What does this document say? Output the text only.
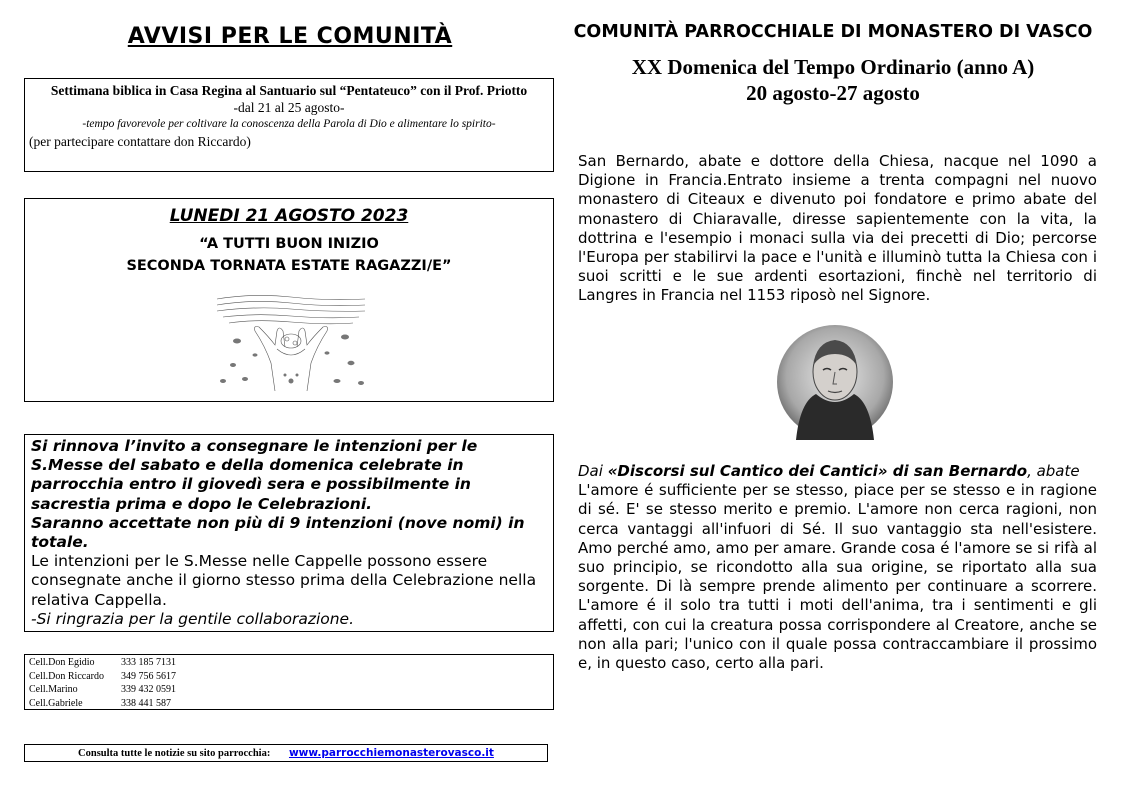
AVVISI PER LE COMUNITÀ
Settimana biblica in Casa Regina al Santuario sul “Pentateuco” con il Prof. Priotto
-dal 21 al 25 agosto-
-tempo favorevole per coltivare la conoscenza della Parola di Dio e alimentare lo spirito-
(per partecipare contattare don Riccardo)
LUNEDI 21 AGOSTO 2023
“A TUTTI BUON INIZIO
SECONDA TORNATA ESTATE RAGAZZI/E”
Si rinnova l’invito a consegnare le intenzioni per le S.Messe del sabato e della domenica celebrate in parrocchia entro il giovedì sera e possibilmente in sacrestia prima e dopo le Celebrazioni.
Saranno accettate non più di 9 intenzioni (nove nomi) in totale.
Le intenzioni per le S.Messe nelle Cappelle possono essere consegnate anche il giorno stesso prima della Celebrazione nella relativa Cappella.
-Si ringrazia per la gentile collaborazione.
Cell.Don Egidio	333 185 7131
Cell.Don Riccardo	349 756 5617
Cell.Marino	339 432 0591
Cell.Gabriele	338 441 587
Consulta tutte le notizie su sito parrocchia: www.parrocchiemonasterovasco.it
COMUNITÀ PARROCCHIALE DI MONASTERO DI VASCO
XX Domenica del Tempo Ordinario (anno A)
20 agosto-27 agosto
San Bernardo, abate e dottore della Chiesa, nacque nel 1090 a Digione in Francia.Entrato insieme a trenta compagni nel nuovo monastero di Citeaux e divenuto poi fondatore e primo abate del monastero di Chiaravalle, diresse sapientemente con la vita, la dottrina e l'esempio i monaci sulla via dei precetti di Dio; percorse l'Europa per stabilirvi la pace e l'unità e illuminò tutta la Chiesa con i suoi scritti e le sue ardenti esortazioni, finchè nel territorio di Langres in Francia nel 1153 riposò nel Signore.
Dai «Discorsi sul Cantico dei Cantici» di san Bernardo, abate
L'amore é sufficiente per se stesso, piace per se stesso e in ragione di sé. E' se stesso merito e premio. L'amore non cerca ragioni, non cerca vantaggi all'infuori di Sé. Il suo vantaggio sta nell'esistere. Amo perché amo, amo per amare. Grande cosa é l'amore se si rifà al suo principio, se ricondotto alla sua origine, se riportato alla sua sorgente. Di là sempre prende alimento per continuare a scorrere. L'amore é il solo tra tutti i moti dell'anima, tra i sentimenti e gli affetti, con cui la creatura possa corrispondere al Creatore, anche se non alla pari; l'unico con il quale possa contraccambiare il prossimo e, in questo caso, certo alla pari.
